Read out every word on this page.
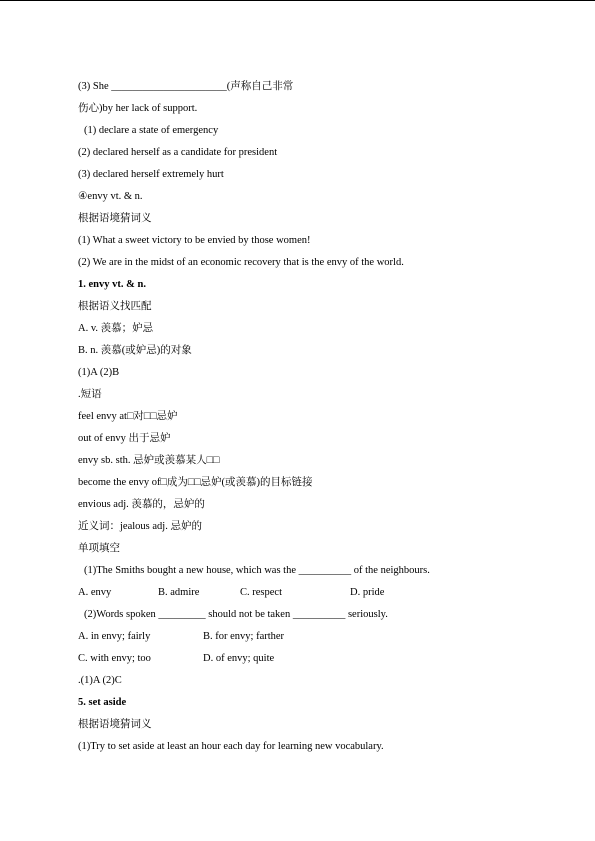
(3) She ______________________(声称自己非常
伤心)by her lack of support.
(1) declare a state of emergency
(2) declared herself as a candidate for president
(3) declared herself extremely hurt
④envy vt. & n.
根据语境猜词义
(1) What a sweet victory to be envied by those women!
(2) We are in the midst of an economic recovery that is the envy of the world.
1. envy vt. & n.
根据语义找匹配
A. v. 羡慕；妒忌
B. n. 羡慕(或妒忌)的对象
(1)A (2)B
.短语
feel envy at□对□□忌妒
out of envy 出于忌妒
envy sb. sth. 忌妒或羡慕某人□□
become the envy of□成为□□忌妒(或羡慕)的目标链接
envious adj. 羡慕的，忌妒的
近义词：jealous adj. 忌妒的
单项填空
(1)The Smiths bought a new house, which was the __________ of the neighbours.
A. envy	B. admire	C. respect	D. pride
(2)Words spoken _________ should not be taken __________ seriously.
A. in envy; fairly	B. for envy; farther
C. with envy; too	D. of envy; quite
.(1)A (2)C
5. set aside
根据语境猜词义
(1)Try to set aside at least an hour each day for learning new vocabulary.
